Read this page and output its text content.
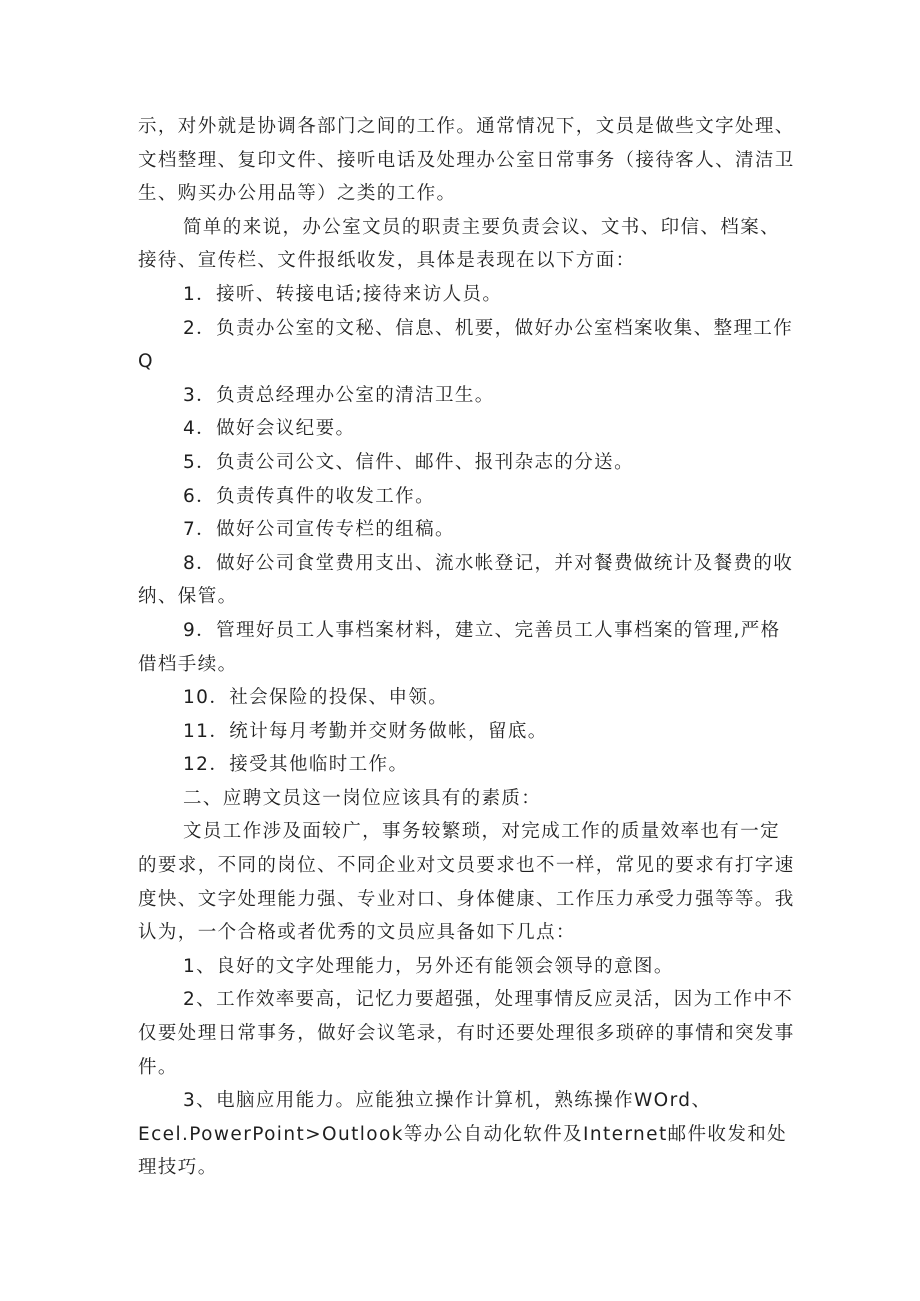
示，对外就是协调各部门之间的工作。通常情况下，文员是做些文字处理、文档整理、复印文件、接听电话及处理办公室日常事务（接待客人、清洁卫生、购买办公用品等）之类的工作。

简单的来说，办公室文员的职责主要负责会议、文书、印信、档案、接待、宣传栏、文件报纸收发，具体是表现在以下方面：

1．接听、转接电话;接待来访人员。

2．负责办公室的文秘、信息、机要，做好办公室档案收集、整理工作Q

3．负责总经理办公室的清洁卫生。

4．做好会议纪要。

5．负责公司公文、信件、邮件、报刊杂志的分送。

6．负责传真件的收发工作。

7．做好公司宣传专栏的组稿。

8．做好公司食堂费用支出、流水帐登记，并对餐费做统计及餐费的收纳、保管。

9．管理好员工人事档案材料，建立、完善员工人事档案的管理,严格借档手续。

10．社会保险的投保、申领。

11．统计每月考勤并交财务做帐，留底。

12．接受其他临时工作。

二、应聘文员这一岗位应该具有的素质：

文员工作涉及面较广，事务较繁琐，对完成工作的质量效率也有一定的要求，不同的岗位、不同企业对文员要求也不一样，常见的要求有打字速度快、文字处理能力强、专业对口、身体健康、工作压力承受力强等等。我认为，一个合格或者优秀的文员应具备如下几点：

1、良好的文字处理能力，另外还有能领会领导的意图。

2、工作效率要高，记忆力要超强，处理事情反应灵活，因为工作中不仅要处理日常事务，做好会议笔录，有时还要处理很多琐碎的事情和突发事件。

3、电脑应用能力。应能独立操作计算机，熟练操作WOrd、Ecel.PowerPoint>Outlook等办公自动化软件及Internet邮件收发和处理技巧。
